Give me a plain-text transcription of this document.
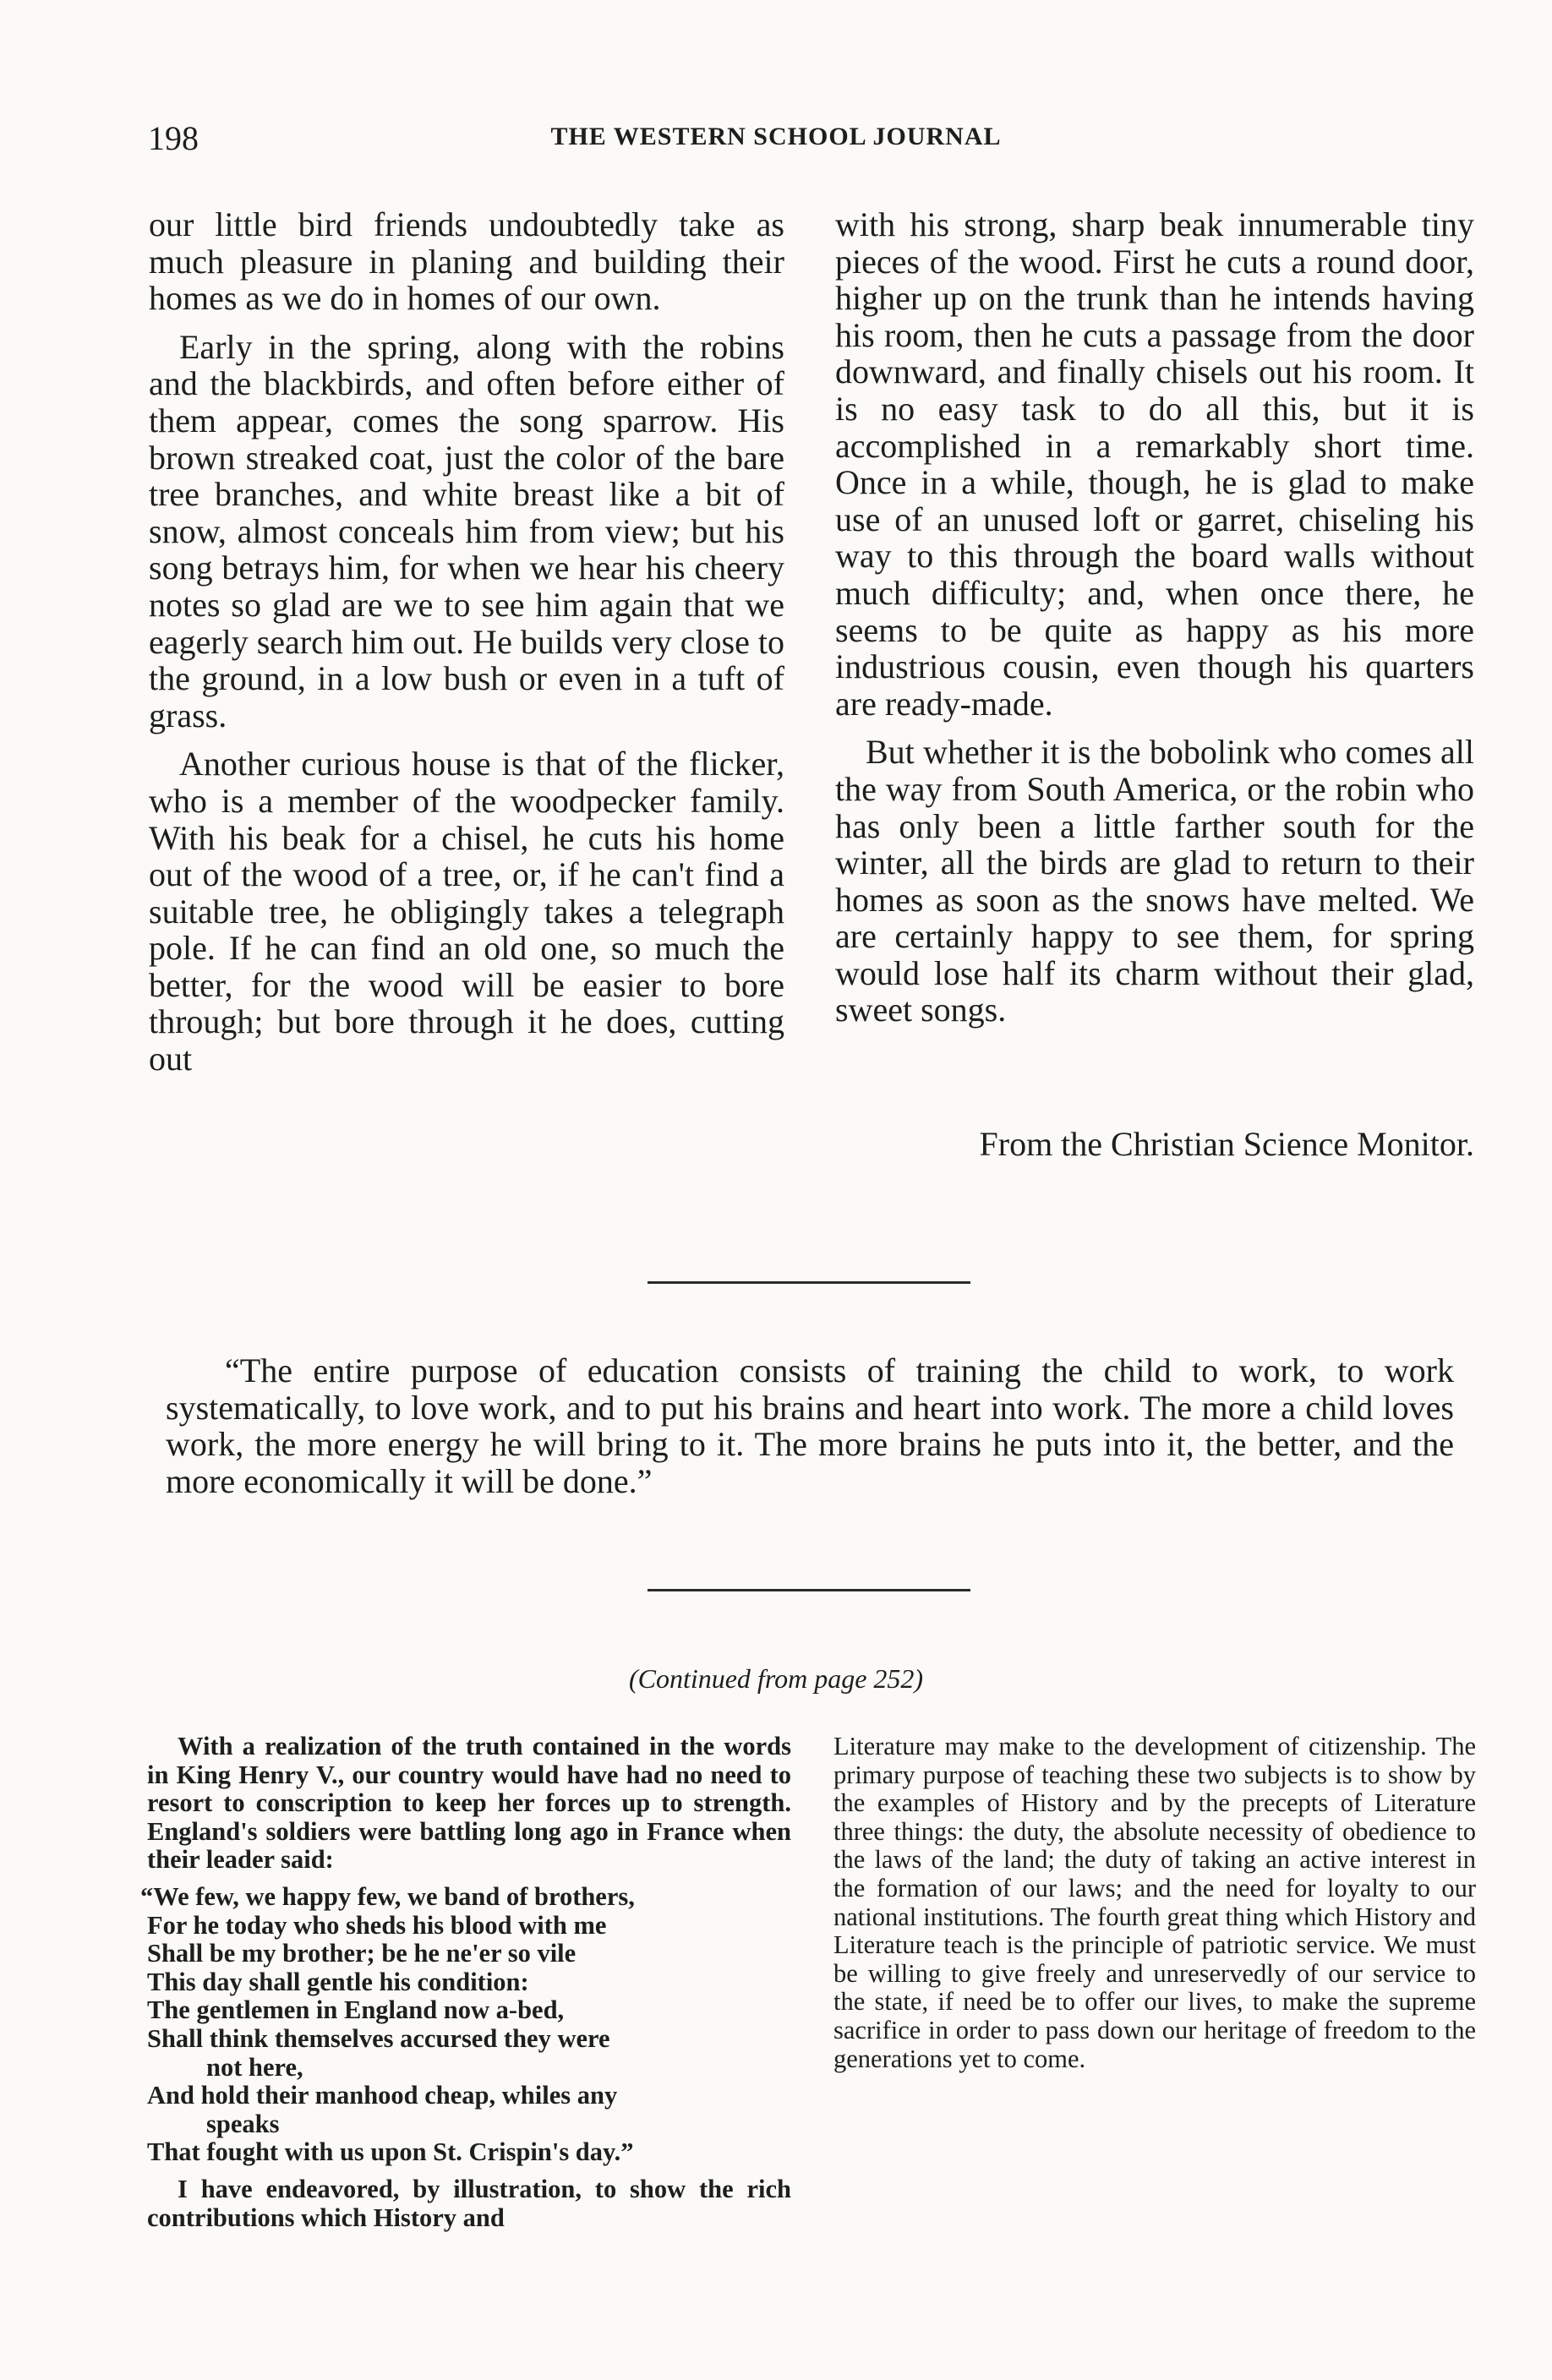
198	THE WESTERN SCHOOL JOURNAL

our little bird friends undoubtedly take as much pleasure in planing and building their homes as we do in homes of our own.

Early in the spring, along with the robins and the blackbirds, and often before either of them appear, comes the song sparrow. His brown streaked coat, just the color of the bare tree branches, and white breast like a bit of snow, almost conceals him from view; but his song betrays him, for when we hear his cheery notes so glad are we to see him again that we eagerly search him out. He builds very close to the ground, in a low bush or even in a tuft of grass.

Another curious house is that of the flicker, who is a member of the woodpecker family. With his beak for a chisel, he cuts his home out of the wood of a tree, or, if he can't find a suitable tree, he obligingly takes a telegraph pole. If he can find an old one, so much the better, for the wood will be easier to bore through; but bore through it he does, cutting out

with his strong, sharp beak innumerable tiny pieces of the wood. First he cuts a round door, higher up on the trunk than he intends having his room, then he cuts a passage from the door downward, and finally chisels out his room. It is no easy task to do all this, but it is accomplished in a remarkably short time. Once in a while, though, he is glad to make use of an unused loft or garret, chiseling his way to this through the board walls without much difficulty; and, when once there, he seems to be quite as happy as his more industrious cousin, even though his quarters are ready-made.

But whether it is the bobolink who comes all the way from South America, or the robin who has only been a little farther south for the winter, all the birds are glad to return to their homes as soon as the snows have melted. We are certainly happy to see them, for spring would lose half its charm without their glad, sweet songs.

From the Christian Science Monitor.

“The entire purpose of education consists of training the child to work, to work systematically, to love work, and to put his brains and heart into work. The more a child loves work, the more energy he will bring to it. The more brains he puts into it, the better, and the more economically it will be done.”

(Continued from page 252)

With a realization of the truth contained in the words in King Henry V., our country would have had no need to resort to conscription to keep her forces up to strength. England's soldiers were battling long ago in France when their leader said:

“We few, we happy few, we band of brothers,
For he today who sheds his blood with me
Shall be my brother; be he ne'er so vile
This day shall gentle his condition:
The gentlemen in England now a-bed,
Shall think themselves accursed they were
not here,
And hold their manhood cheap, whiles any
speaks
That fought with us upon St. Crispin's day.”

I have endeavored, by illustration, to show the rich contributions which History and

Literature may make to the development of citizenship. The primary purpose of teaching these two subjects is to show by the examples of History and by the precepts of Literature three things: the duty, the absolute necessity of obedience to the laws of the land; the duty of taking an active interest in the formation of our laws; and the need for loyalty to our national institutions. The fourth great thing which History and Literature teach is the principle of patriotic service. We must be willing to give freely and unreservedly of our service to the state, if need be to offer our lives, to make the supreme sacrifice in order to pass down our heritage of freedom to the generations yet to come.
